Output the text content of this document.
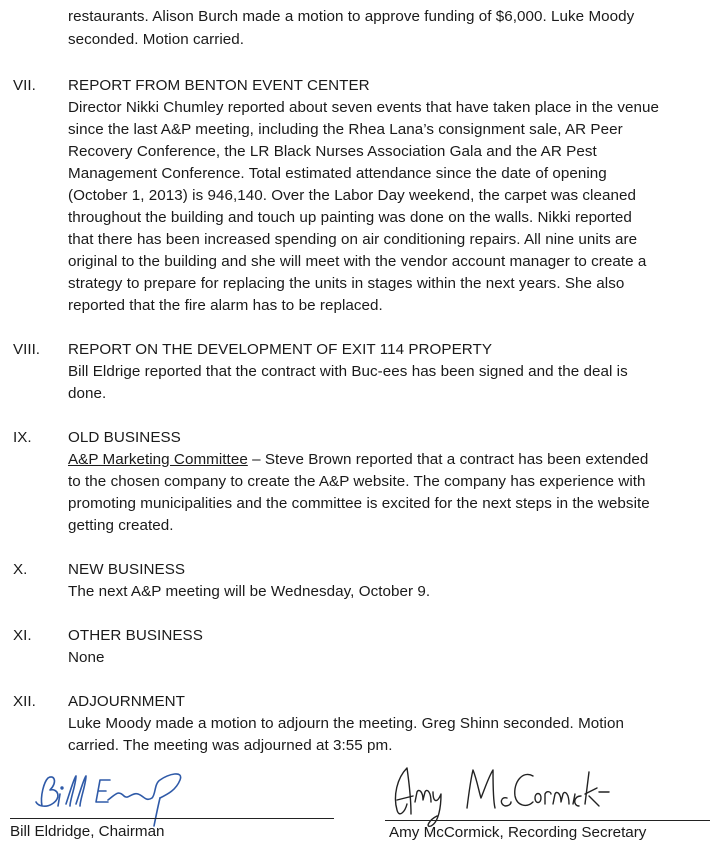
restaurants. Alison Burch made a motion to approve funding of $6,000. Luke Moody
seconded. Motion carried.
VII. REPORT FROM BENTON EVENT CENTER
Director Nikki Chumley reported about seven events that have taken place in the venue
since the last A&P meeting, including the Rhea Lana’s consignment sale, AR Peer
Recovery Conference, the LR Black Nurses Association Gala and the AR Pest
Management Conference. Total estimated attendance since the date of opening
(October 1, 2013) is 946,140. Over the Labor Day weekend, the carpet was cleaned
throughout the building and touch up painting was done on the walls. Nikki reported
that there has been increased spending on air conditioning repairs. All nine units are
original to the building and she will meet with the vendor account manager to create a
strategy to prepare for replacing the units in stages within the next years. She also
reported that the fire alarm has to be replaced.
VIII. REPORT ON THE DEVELOPMENT OF EXIT 114 PROPERTY
Bill Eldrige reported that the contract with Buc-ees has been signed and the deal is
done.
IX. OLD BUSINESS
A&P Marketing Committee – Steve Brown reported that a contract has been extended
to the chosen company to create the A&P website. The company has experience with
promoting municipalities and the committee is excited for the next steps in the website
getting created.
X.	NEW BUSINESS
The next A&P meeting will be Wednesday, October 9.
XI. OTHER BUSINESS
None
XII. ADJOURNMENT
Luke Moody made a motion to adjourn the meeting. Greg Shinn seconded. Motion
carried. The meeting was adjourned at 3:55 pm.
Bill Eldridge, Chairman	Amy McCormick, Recording Secretary
